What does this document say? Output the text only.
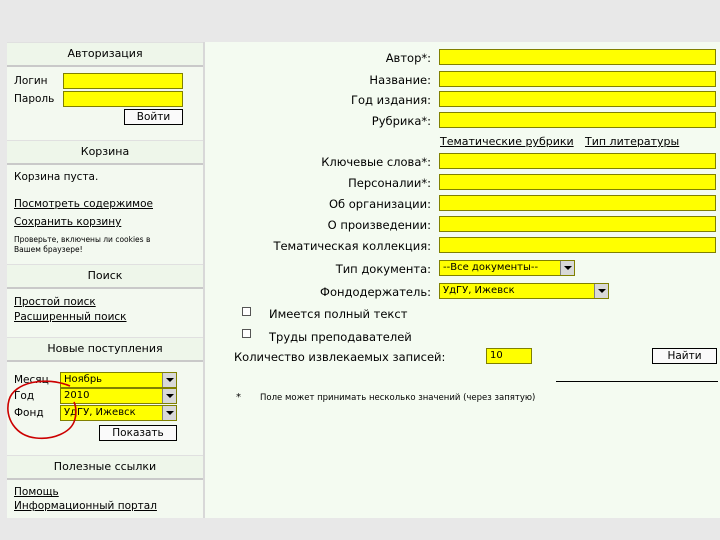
Авторизация
Логин
Пароль
Войти
Корзина
Корзина пуста.
Посмотреть содержимое
Сохранить корзину
Проверьте, включены ли cookies в
Вашем браузере!
Поиск
Простой поиск
Расширенный поиск
Новые поступления
Месяц	Ноябрь
Год	2010
Фонд	УдГУ, Ижевск
Показать
Полезные ссылки
Помощь
Информационный портал
Автор*:
Название:
Год издания:
Рубрика*:
Тематические рубрики Тип литературы
Ключевые слова*:
Персоналии*:
Об организации:
О произведении:
Тематическая коллекция:
Тип документа:	--Все документы--
Фондодержатель:	УдГУ, Ижевск
Имеется полный текст
Труды преподавателей
Количество извлекаемых записей:	10	Найти
* Поле может принимать несколько значений (через запятую)
